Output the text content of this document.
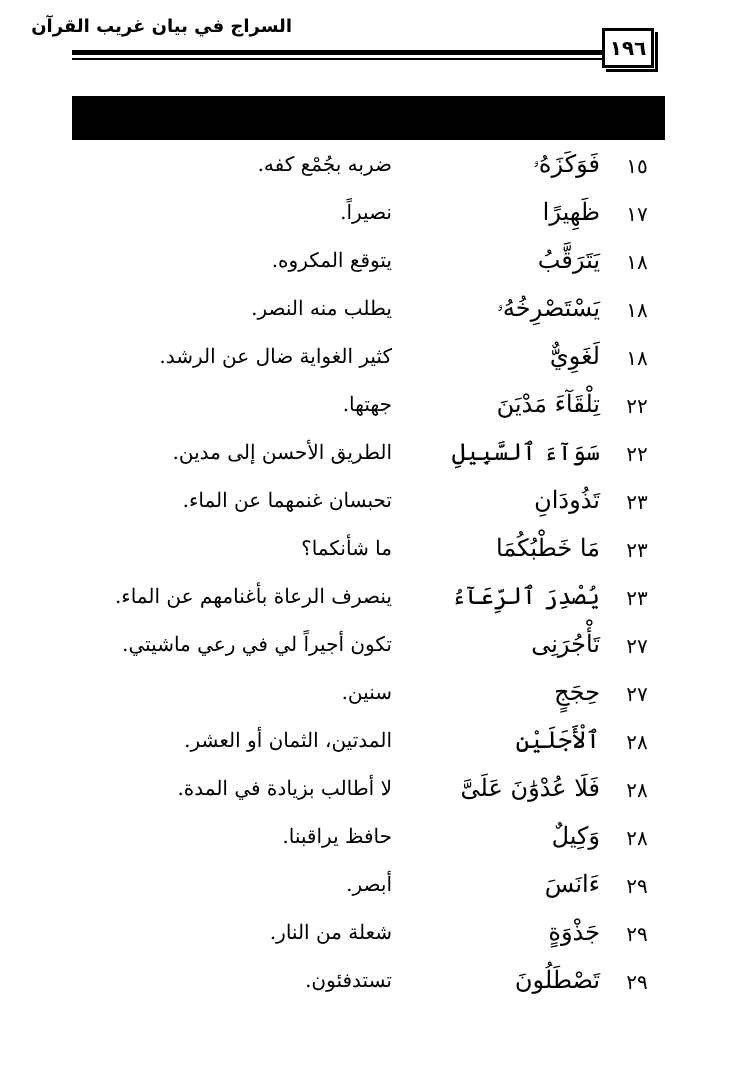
السراج في بيان غريب القرآن
١٩٦
١٥
فَوَكَزَهُۥ
ضربه بجُمْع كفه.
١٧
ظَهِيرًا
نصيراً.
١٨
يَتَرَقَّبُ
يتوقع المكروه.
١٨
يَسْتَصْرِخُهُۥ
يطلب منه النصر.
١٨
لَغَوِيٌّ
كثير الغواية ضال عن الرشد.
٢٢
تِلْقَآءَ مَدْيَنَ
جهتها.
٢٢
سَوَآءَ ٱلسَّبِيلِ
الطريق الأحسن إلى مدين.
٢٣
تَذُودَانِ
تحبسان غنمهما عن الماء.
٢٣
مَا خَطْبُكُمَا
ما شأنكما؟
٢٣
يُصْدِرَ ٱلرِّعَآءُ
ينصرف الرعاة بأغنامهم عن الماء.
٢٧
تَأْجُرَنِى
تكون أجيراً لي في رعي ماشيتي.
٢٧
حِجَجٍ
سنين.
٢٨
ٱلْأَجَلَيْنِ
المدتين، الثمان أو العشر.
٢٨
فَلَا عُدْوَٰنَ عَلَىَّ
لا أطالب بزيادة في المدة.
٢٨
وَكِيلٌ
حافظ يراقبنا.
٢٩
ءَانَسَ
أبصر.
٢٩
جَذْوَةٍ
شعلة من النار.
٢٩
تَصْطَلُونَ
تستدفئون.
